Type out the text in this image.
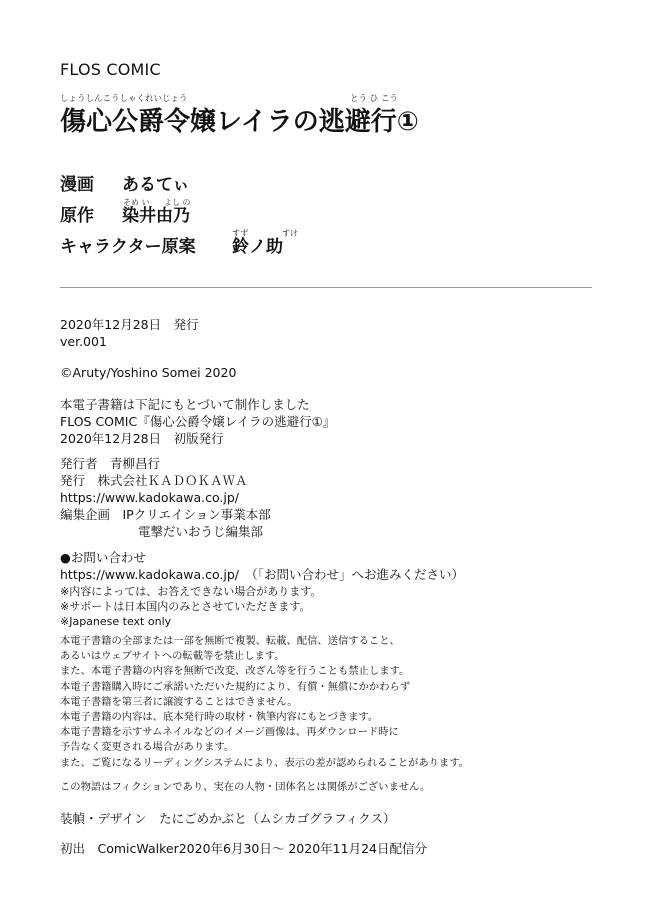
FLOS COMIC
しょうしんこうしゃくれいじょう	とう ひ こう
傷心公爵令嬢レイラの逃避行①
漫画 あるてぃ
原作
そめ い よし の
染井由乃
キャラクター原案
すず	すけ
鈴ノ助
2020年12月28日　発行
ver.001
©Aruty/Yoshino Somei 2020
本電子書籍は下記にもとづいて制作しました
FLOS COMIC『傷心公爵令嬢レイラの逃避行①』
2020年12月28日　初版発行
発行者　青柳昌行
発行　株式会社ＫＡＤＯＫＡＷＡ
https://www.kadokawa.co.jp/
編集企画　IPクリエイション事業本部
電撃だいおうじ編集部
●お問い合わせ
https://www.kadokawa.co.jp/　（「お問い合わせ」へお進みください）
※内容によっては、お答えできない場合があります。
※サポートは日本国内のみとさせていただきます。
※Japanese text only
本電子書籍の全部または一部を無断で複製、転載、配信、送信すること、
あるいはウェブサイトへの転載等を禁止します。
また、本電子書籍の内容を無断で改変、改ざん等を行うことも禁止します。
本電子書籍購入時にご承諾いただいた規約により、有償・無償にかかわらず
本電子書籍を第三者に譲渡することはできません。
本電子書籍の内容は、底本発行時の取材・執筆内容にもとづきます。
本電子書籍を示すサムネイルなどのイメージ画像は、再ダウンロード時に
予告なく変更される場合があります。
また、ご覧になるリーディングシステムにより、表示の差が認められることがあります。
この物語はフィクションであり、実在の人物・団体名とは関係がございません。
装幀・デザイン　たにごめかぶと（ムシカゴグラフィクス）
初出　ComicWalker2020年6月30日～ 2020年11月24日配信分
